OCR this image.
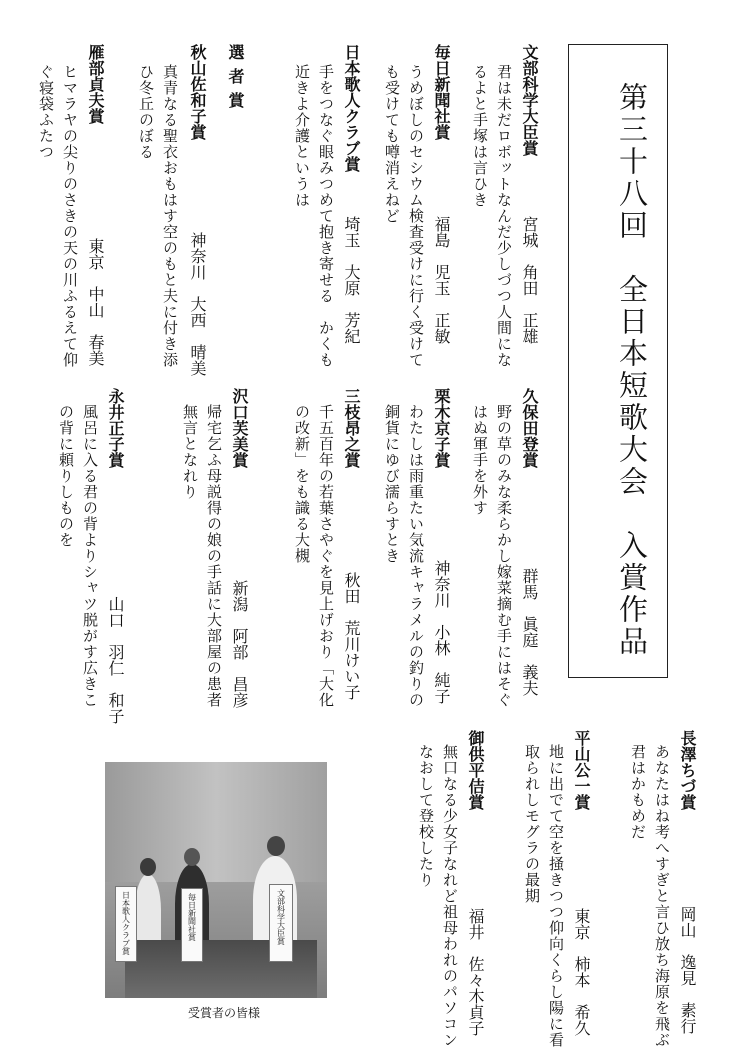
第三十八回　全日本短歌大会　入賞作品
文部科学大臣賞
宮城　角田　正雄
君は未だロボットなんだ少しづつ人間にな
るよと手塚は言ひき
毎日新聞社賞
福島　児玉　正敏
うめぼしのセシウム検査受けに行く受けて
も受けても噂消えねど
日本歌人クラブ賞
埼玉　大原　芳紀
手をつなぐ眼みつめて抱き寄せる　かくも
近きよ介護というは
選者賞
秋山佐和子賞
神奈川　大西　晴美
真青なる聖衣おもはす空のもと夫に付き添
ひ冬丘のぼる
雁部貞夫賞
東京　中山　春美
ヒマラヤの尖りのさきの天の川ふるえて仰
ぐ寝袋ふたつ
久保田登賞
群馬　眞庭　義夫
野の草のみな柔らかし嫁菜摘む手にはそぐ
はぬ軍手を外す
栗木京子賞
神奈川　小林　純子
わたしは雨重たい気流キャラメルの釣りの
銅貨にゆび濡らすとき
三枝昂之賞
秋田　荒川けい子
千五百年の若葉さやぐを見上げおり「大化
の改新」をも識る大槻
沢口芙美賞
新潟　阿部　昌彦
帰宅乞ふ母説得の娘の手話に大部屋の患者
無言となれり
永井正子賞
山口　羽仁　和子
風呂に入る君の背よりシャツ脱がす広きこ
の背に頼りしものを
長澤ちづ賞
岡山　逸見　素行
あなたはね考へすぎと言ひ放ち海原を飛ぶ
君はかもめだ
平山公一賞
東京　柿本　希久
地に出でて空を掻きつつ仰向くらし陽に看
取られしモグラの最期
御供平佶賞
福井　佐々木貞子
無口なる少女子なれど祖母われのパソコン
なおして登校したり
日本歌人クラブ賞	毎日新聞社賞	文部科学大臣賞
受賞者の皆様
